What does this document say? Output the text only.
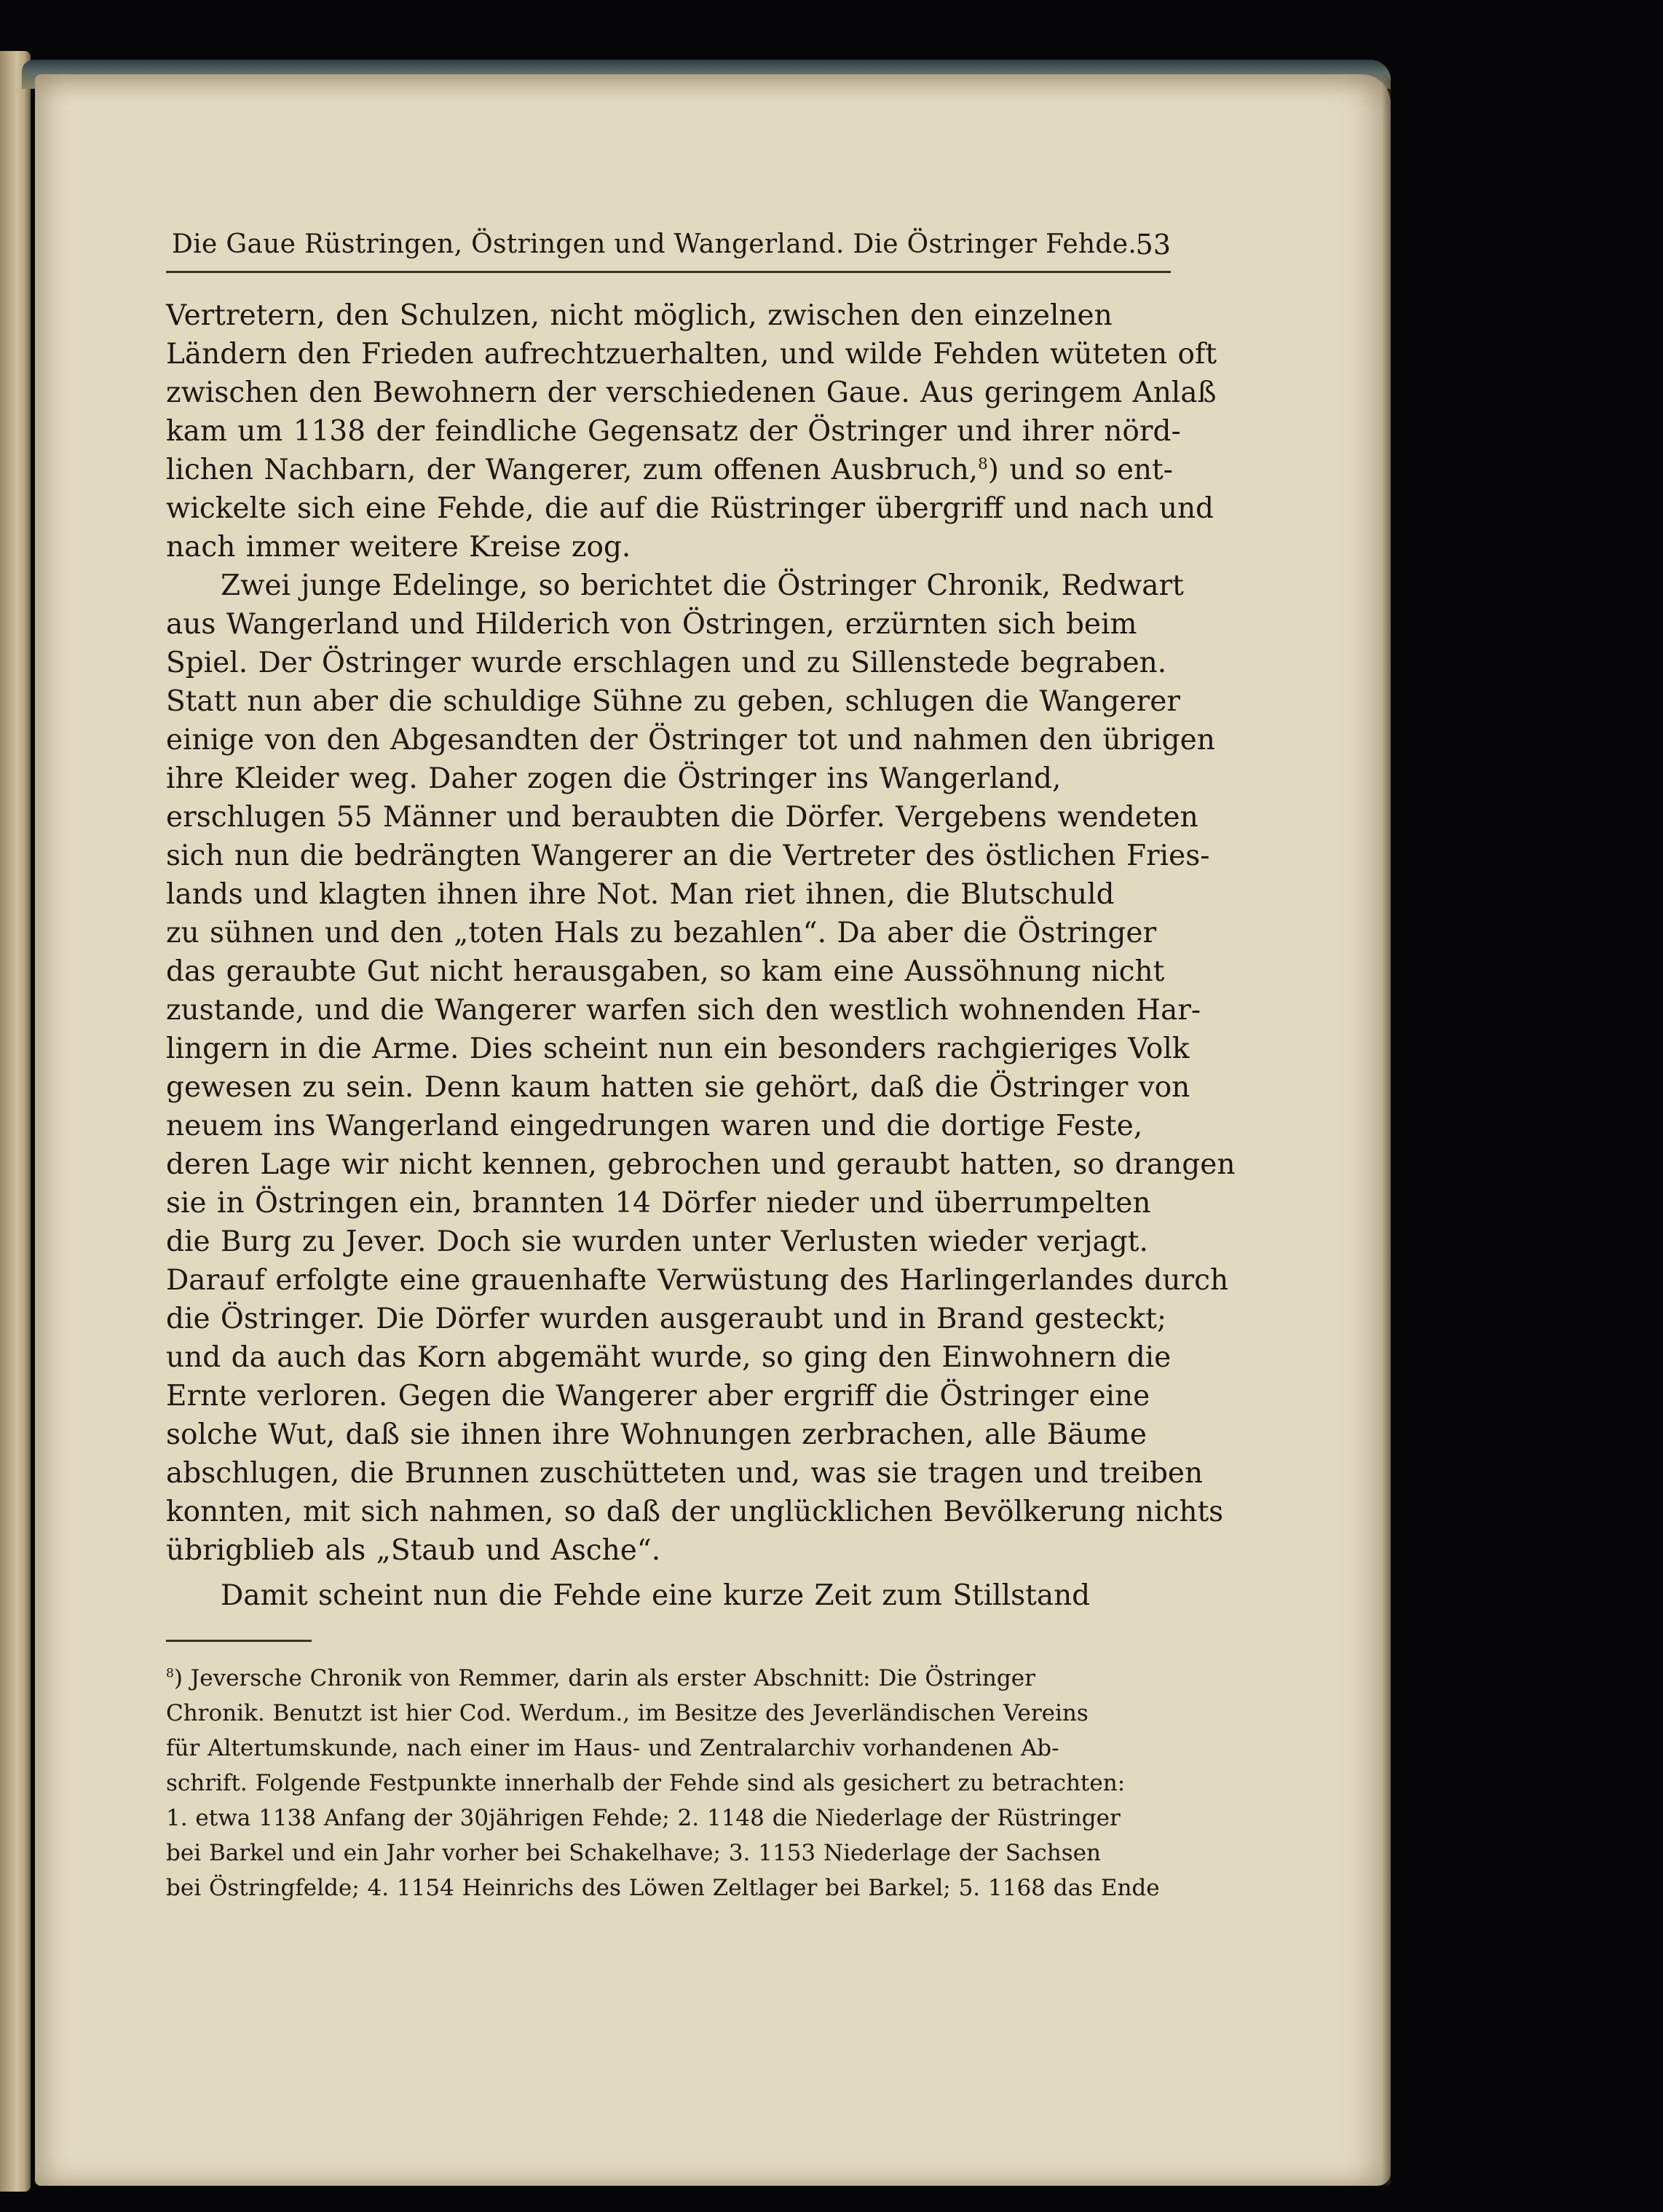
Die Gaue Rüstringen, Östringen und Wangerland. Die Östringer Fehde.
53
Vertretern, den Schulzen, nicht möglich, zwischen den einzelnen
Ländern den Frieden aufrechtzuerhalten, und wilde Fehden wüteten oft
zwischen den Bewohnern der verschiedenen Gaue. Aus geringem Anlaß
kam um 1138 der feindliche Gegensatz der Östringer und ihrer nörd-
lichen Nachbarn, der Wangerer, zum offenen Ausbruch,$^8$) und so ent-
wickelte sich eine Fehde, die auf die Rüstringer übergriff und nach und
nach immer weitere Kreise zog.
Zwei junge Edelinge, so berichtet die Östringer Chronik, Redwart
aus Wangerland und Hilderich von Östringen, erzürnten sich beim
Spiel. Der Östringer wurde erschlagen und zu Sillenstede begraben.
Statt nun aber die schuldige Sühne zu geben, schlugen die Wangerer
einige von den Abgesandten der Östringer tot und nahmen den übrigen
ihre Kleider weg. Daher zogen die Östringer ins Wangerland,
erschlugen 55 Männer und beraubten die Dörfer. Vergebens wendeten
sich nun die bedrängten Wangerer an die Vertreter des östlichen Fries-
lands und klagten ihnen ihre Not. Man riet ihnen, die Blutschuld
zu sühnen und den „toten Hals zu bezahlen“. Da aber die Östringer
das geraubte Gut nicht herausgaben, so kam eine Aussöhnung nicht
zustande, und die Wangerer warfen sich den westlich wohnenden Har-
lingern in die Arme. Dies scheint nun ein besonders rachgieriges Volk
gewesen zu sein. Denn kaum hatten sie gehört, daß die Östringer von
neuem ins Wangerland eingedrungen waren und die dortige Feste,
deren Lage wir nicht kennen, gebrochen und geraubt hatten, so drangen
sie in Östringen ein, brannten 14 Dörfer nieder und überrumpelten
die Burg zu Jever. Doch sie wurden unter Verlusten wieder verjagt.
Darauf erfolgte eine grauenhafte Verwüstung des Harlingerlandes durch
die Östringer. Die Dörfer wurden ausgeraubt und in Brand gesteckt;
und da auch das Korn abgemäht wurde, so ging den Einwohnern die
Ernte verloren. Gegen die Wangerer aber ergriff die Östringer eine
solche Wut, daß sie ihnen ihre Wohnungen zerbrachen, alle Bäume
abschlugen, die Brunnen zuschütteten und, was sie tragen und treiben
konnten, mit sich nahmen, so daß der unglücklichen Bevölkerung nichts
übrigblieb als „Staub und Asche“.
Damit scheint nun die Fehde eine kurze Zeit zum Stillstand
$^8$) Jeversche Chronik von Remmer, darin als erster Abschnitt: Die Östringer
Chronik. Benutzt ist hier Cod. Werdum., im Besitze des Jeverländischen Vereins
für Altertumskunde, nach einer im Haus- und Zentralarchiv vorhandenen Ab-
schrift. Folgende Festpunkte innerhalb der Fehde sind als gesichert zu betrachten:
1. etwa 1138 Anfang der 30jährigen Fehde; 2. 1148 die Niederlage der Rüstringer
bei Barkel und ein Jahr vorher bei Schakelhave; 3. 1153 Niederlage der Sachsen
bei Östringfelde; 4. 1154 Heinrichs des Löwen Zeltlager bei Barkel; 5. 1168 das Ende
